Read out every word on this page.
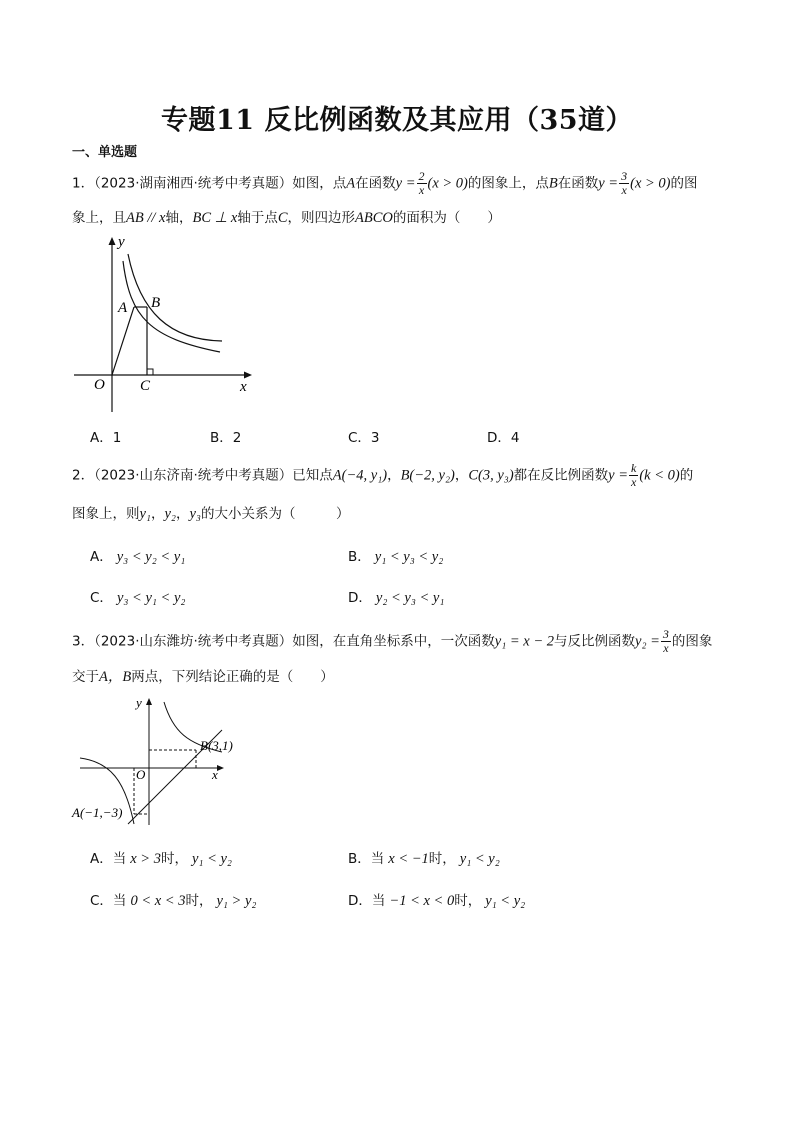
专题11 反比例函数及其应用（35道）
一、单选题
1．（2023·湖南湘西·统考中考真题）如图，点A在函数$y = \frac{2}{x} (x > 0)$的图象上，点B在函数$y = \frac{3}{x} (x > 0)$的图
象上，且AB // x轴，BC ⊥ x轴于点C，则四边形ABCO的面积为（　　）
y
x
O
A B
C
A．1	B．2	C．3	D．4
2．（2023·山东济南·统考中考真题）已知点A(−4, y₁)，B(−2, y₂)，C(3, y₃)都在反比例函数$y = \frac{k}{x} (k < 0)$的
图象上，则y₁，y₂，y₃的大小关系为（　　　）
A． y₃ < y₂ < y₁	B． y₁ < y₃ < y₂
C． y₃ < y₁ < y₂	D． y₂ < y₃ < y₁
3．（2023·山东潍坊·统考中考真题）如图，在直角坐标系中，一次函数y₁ = x − 2与反比例函数$y_2 = \frac{3}{x}$ 的图象
交于A，B两点，下列结论正确的是（　　）
y
x
O
B(3,1)
A(−1,−3)
A．当 x > 3时， y₁ < y₂	B．当 x < −1时， y₁ < y₂
C．当 0 < x < 3时， y₁ > y₂	D．当 −1 < x < 0时， y₁ < y₂
